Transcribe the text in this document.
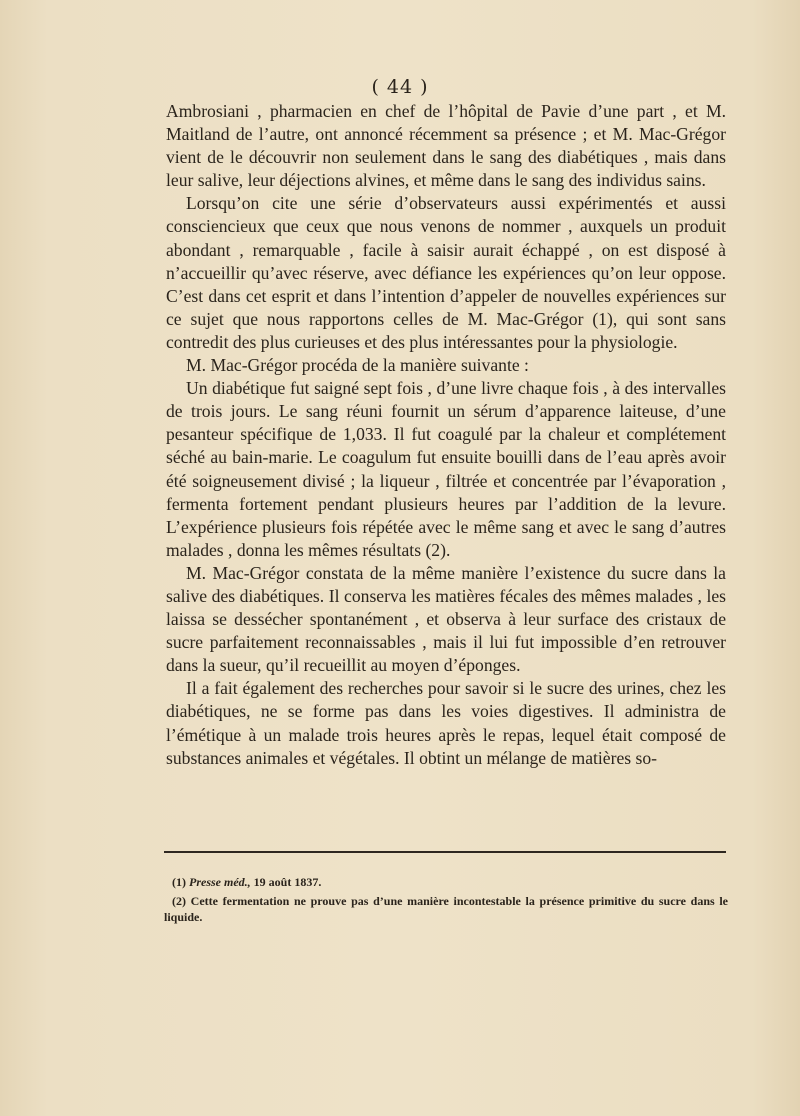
( 44 )

Ambrosiani , pharmacien en chef de l’hôpital de Pavie d’une part , et M. Maitland de l’autre, ont annoncé récemment sa présence ; et M. Mac-Grégor vient de le découvrir non seulement dans le sang des diabétiques , mais dans leur salive, leur déjections alvines, et même dans le sang des individus sains.

Lorsqu’on cite une série d’observateurs aussi expérimentés et aussi consciencieux que ceux que nous venons de nommer , auxquels un produit abondant , remarquable , facile à saisir aurait échappé , on est disposé à n’accueillir qu’avec réserve, avec défiance les expériences qu’on leur oppose. C’est dans cet esprit et dans l’intention d’appeler de nouvelles expériences sur ce sujet que nous rapportons celles de M. Mac-Grégor (1), qui sont sans contredit des plus curieuses et des plus intéressantes pour la physiologie.

M. Mac-Grégor procéda de la manière suivante :

Un diabétique fut saigné sept fois , d’une livre chaque fois , à des intervalles de trois jours. Le sang réuni fournit un sérum d’apparence laiteuse, d’une pesanteur spécifique de 1,033. Il fut coagulé par la chaleur et complétement séché au bain-marie. Le coagulum fut ensuite bouilli dans de l’eau après avoir été soigneusement divisé ; la liqueur , filtrée et concentrée par l’évaporation , fermenta fortement pendant plusieurs heures par l’addition de la levure. L’expérience plusieurs fois répétée avec le même sang et avec le sang d’autres malades , donna les mêmes résultats (2).

M. Mac-Grégor constata de la même manière l’existence du sucre dans la salive des diabétiques. Il conserva les matières fécales des mêmes malades , les laissa se dessécher spontanément , et observa à leur surface des cristaux de sucre parfaitement reconnaissables , mais il lui fut impossible d’en retrouver dans la sueur, qu’il recueillit au moyen d’éponges.

Il a fait également des recherches pour savoir si le sucre des urines, chez les diabétiques, ne se forme pas dans les voies digestives. Il administra de l’émétique à un malade trois heures après le repas, lequel était composé de substances animales et végétales. Il obtint un mélange de matières so-

(1) Presse méd., 19 août 1837.

(2) Cette fermentation ne prouve pas d’une manière incontestable la présence primitive du sucre dans le liquide.
